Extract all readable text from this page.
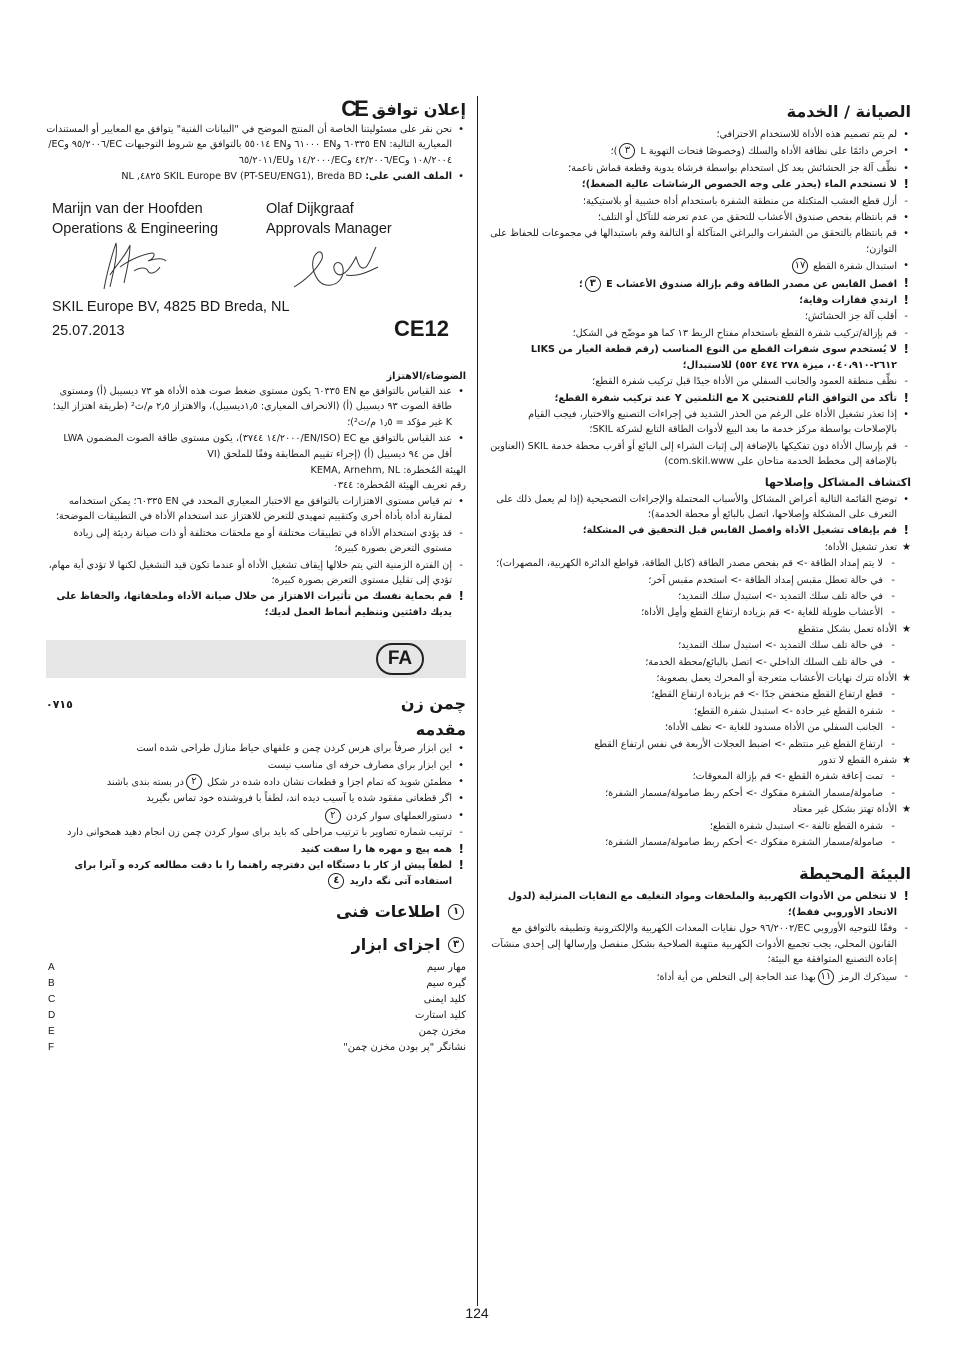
الصيانة / الخدمة
• لم يتم تصميم هذه الأداة للاستخدام الاحترافي؛
• احرص دائمًا على نظافة الأداة والسلك (وخصوصًا فتحات التهوية L ٣)؛
• نظِّف آلة جز الحشائش بعد كل استخدام بواسطة فرشاة يدوية وقطعة قماش ناعمة؛
! لا تستخدم الماء (يحذر على وجه الخصوص الرشاشات عالية الضغط)؛
- أزل قطع العشب المتكتلة من منطقة الشفرة باستخدام أداة خشبية أو بلاستيكية؛
• قم بانتظام بفحص صندوق الأعشاب للتحقق من عدم تعرضه للتآكل أو التلف؛
• قم بانتظام بالتحقق من الشفرات والبراغي المتآكلة أو التالفة وقم باستبدالها في مجموعات للحفاظ على التوازن؛
• استبدال شفرة القطع ١٧
! افصل القابس عن مصدر الطاقة وقم بإزالة صندوق الأعشاب E ٣؛
! ارتدي قفازات وقاية؛
- أقلب آلة جز الحشائش؛
- قم بإزالة/تركيب شفرة القطع باستخدام مفتاح الربط ١٣ كما هو موضّح في الشكل؛
! لا يُستخدم سوى شفرات القطع من النوع المناسب (رقم قطعة الغيار من LIKS ٢٦١٢-٠٤٠،٩١٠، ميزة ٢٧٨ ٤٧٤ ٥٥٢) للاستبدال؛
- نظِّف منطقة العمود والجانب السفلي من الأداة جيدًا قبل تركيب شفرة القطع؛
! تأكد من التوافق التام للفتحتين X مع الثلمتين Y عند تركيب شفرة القطع؛
• إذا تعذر تشغيل الأداة على الرغم من الحذر الشديد في إجراءات التصنيع والاختبار، فيجب القيام بالإصلاحات بواسطة مركز خدمة ما بعد البيع لأدوات الطاقة التابع لشركة SKIL؛
- قم بإرسال الأداة دون تفكيكها بالإضافة إلى إثبات الشراء إلى البائع أو أقرب محطة خدمة SKIL (العناوين بالإضافة إلى مخطط الخدمة متاحان على com.skil.www)
اكتشاف المشاكل وإصلاحها
• توضح القائمة التالية أعراض المشاكل والأسباب المحتملة والإجراءات التصحيحية (إذا لم يعمل ذلك على التعرف على المشكلة وإصلاحها، اتصل بالبائع أو محطة الخدمة)؛
! قم بإيقاف تشغيل الأداة وافصل القابس قبل التحقيق في المشكلة؛
★ تعذر تشغيل الأداة؛
- لا يتم إمداد الطاقة -> قم بفحص مصدر الطاقة (كابل الطاقة، قواطع الدائرة الكهربية، المصهرات)؛
- في حالة تعطل مقبس إمداد الطاقة -> استخدم مقبس آخر؛
- في حالة تلف سلك التمديد -> استبدل سلك التمديد؛
- الأعشاب طويلة للغاية -> قم بزيادة ارتفاع القطع وأمِل الأداة؛
★ الأداة تعمل بشكل متقطع
- في حالة تلف سلك التمديد -> استبدل سلك التمديد؛
- في حالة تلف السلك الداخلي -> اتصل بالبائع/محطة الخدمة؛
★ الأداة تترك نهايات الأعشاب متعرجة أو المحرك يعمل بصعوبة؛
- قطع ارتفاع القطع منخفض جدًا -> قم بزيادة ارتفاع القطع؛
- شفرة القطع غير حادة -> استبدل شفرة القطع؛
- الجانب السفلي من الأداة مسدود للغاية -> نظف الأداة؛
- ارتفاع القطع غير منتظم -> اضبط العجلات الأربعة في نفس ارتفاع القطع
★ شفرة القطع لا تدور
- تمت إعاقة شفرة القطع -> قم بإزالة المعوقات؛
- صامولة/مسمار الشفرة مفكوك -> أحكم ربط صامولة/مسمار الشفرة؛
★ الأداة تهتز بشكل غير معتاد
- شفرة القطع تالفة -> استبدل شفرة القطع؛
- صامولة/مسمار الشفرة مفكوك -> أحكم ربط صامولة/مسمار الشفرة؛
البيئة المحيطة
! لا تتخلص من الأدوات الكهربية والملحقات ومواد التغليف مع النفايات المنزلية (لدول الاتحاد الأوروبي فقط)؛
- وفقًا للتوجيه الأوروبي EC/٩٦/٢٠٠٢ حول نفايات المعدات الكهربية والإلكترونية وتطبيقه بالتوافق مع القانون المحلي، يجب تجميع الأدوات الكهربية منتهية الصلاحية بشكل منفصل وإرسالها إلى إحدى منشآت إعادة التصنيع المتوافقة مع البيئة؛
- سيذكرك الرمز ١١بهذا عند الحاجة إلى التخلص من أية أداة؛
CE إعلان توافق
• نحن نقر على مسئوليتنا الخاصة أن المنتج الموضح في "البيانات الفنية" يتوافق مع المعايير أو المستندات المعيارية التالية: EN ٦٠٣٣٥ وEN ٦١٠٠٠ وEN ٥٥٠١٤ بالتوافق مع شروط التوجيهات EC/٩٥/٢٠٠٦ وEC/١٠٨/٢٠٠٤ وEC/٤٢/٢٠٠٦ وEC/١٤/٢٠٠٠ وEU/٦٥/٢٠١١
• الملف الفني على: SKIL Europe BV (PT-SEU/ENG1), Breda BD ٤٨٢٥, NL
Marijn van der Hoofden
Operations & Engineering
Olaf Dijkgraaf
Approvals Manager
SKIL Europe BV, 4825 BD Breda, NL
25.07.2013	CE12

الضوضاء/الاهتزاز

• عند القياس بالتوافق مع EN ٦٠٣٣٥ يكون مستوى ضغط صوت هذه الأداة هو ٧٣ ديسيبل (أ) ومستوى طاقة الصوت ٩٣ ديسيبل (أ) (الانحراف المعياري: ١٫٥ديسيبل)، والاهتزاز ٢٫٥ م/ث² (طريقة اهتزاز اليد؛ K غير مؤكد = ١٫٥ م/ث²)؛
• عند القياس بالتوافق مع EC (EN/ISO/١٤/٢٠٠٠ ٣٧٤٤)، يكون مستوى طاقة الصوت المضمون LWA أقل من ٩٤ ديسيبل (أ) (إجراء تقييم المطابقة وفقًا للملحق (VI

الهيئة المُخطرة: KEMA, Arnehm, NL

رقم تعريف الهيئة المُخطرة: ٠٣٤٤

• تم قياس مستوى الاهتزازات بالتوافق مع الاختبار المعياري المحدد في EN ٦٠٣٣٥؛ يمكن استخدامه لمقارنة أداة بأداة أخرى وكتقييم تمهيدي للتعرض للاهتزاز عند استخدام الأداة في التطبيقات الموضحة؛
- قد يؤدي استخدام الأداة في تطبيقات مختلفة أو مع ملحقات مختلفة أو ذات صيانة رديئة إلى زيادة مستوى التعرض بصورة كبيرة؛
- إن الفترة الزمنية التي يتم خلالها إيقاف تشغيل الأداة أو عندما تكون قيد التشغيل لكنها لا تؤدي أية مهام، تؤدي إلى تقليل مستوى التعرض بصورة كبيرة؛
! قم بحماية نفسك من تأثيرات الاهتزاز من خلال صيانة الأداة وملحقاتها، والحفاظ على يديك دافئتين وتنظيم أنماط العمل لديك؛
FA
٠٧١٥	چمن زن
مقدمه
• این ابزار صرفاً برای هرس کردن چمن و علفهای حیاط منازل طراحی شده است
• این ابزار برای مصارف حرفه ای مناسب نیست
• مطمئن شوید که تمام اجزا و قطعات نشان داده شده در شکل ٢در بسته بندی باشند
• اگر قطعاتی مفقود شده یا آسیب دیده اند، لطفاً با فروشنده خود تماس بگیرید
• دستورالعملهای سوار کردن ٢
- ترتیب شماره تصاویر با ترتیب مراحلی که باید برای سوار کردن چمن زن انجام دهید همخوانی دارد
! همه پیچ و مهره ها را سفت کنید
! لطفاً پیش از کار با دستگاه این دفترچه راهنما را با دقت مطالعه کرده و آنرا برای استفاده آتی نگه دارید ٤
١ اطلاعات فنی
٣ اجزای ابزار
مهار سیم
A
گیره سیم
B
کلید ایمنی
C
کلید استارت
D
مخزن چمن
E
نشانگر "پر بودن مخزن چمن"
F
124
